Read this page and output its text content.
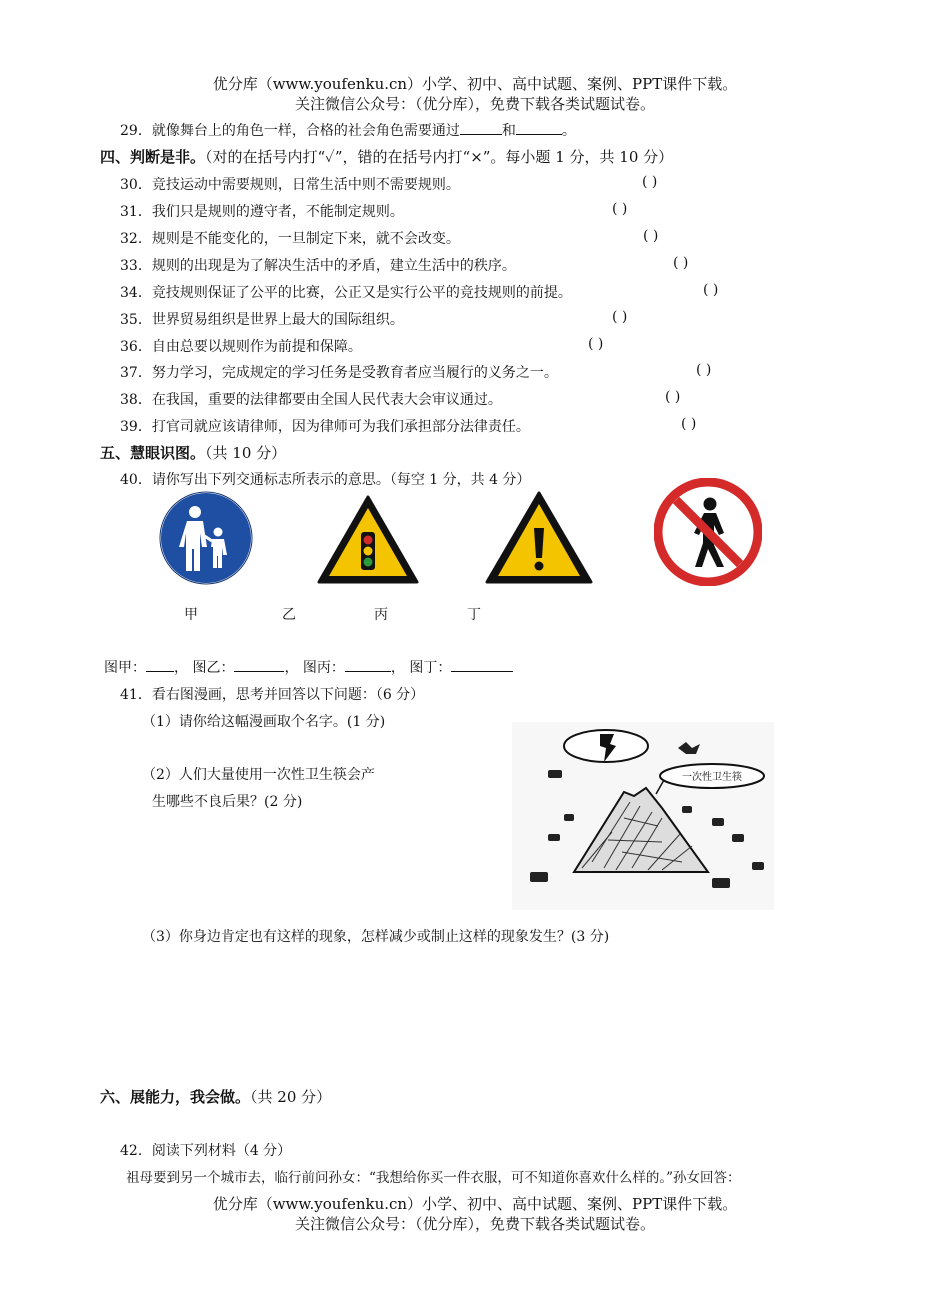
优分库（www.youfenku.cn）小学、初中、高中试题、案例、PPT课件下载。
关注微信公众号：（优分库），免费下载各类试题试卷。
29．就像舞台上的角色一样，合格的社会角色需要通过	和	。
四、判断是非。（对的在括号内打“✓”，错的在括号内打“×”。每小题 1 分，共 10 分）
30．竞技运动中需要规则，日常生活中则不需要规则。	( )
31．我们只是规则的遵守者，不能制定规则。	( )
32．规则是不能变化的，一旦制定下来，就不会改变。	( )
33．规则的出现是为了解决生活中的矛盾，建立生活中的秩序。	( )
34．竞技规则保证了公平的比赛，公正又是实行公平的竞技规则的前提。	( )
35．世界贸易组织是世界上最大的国际组织。	( )
36．自由总要以规则作为前提和保障。	( )
37．努力学习，完成规定的学习任务是受教育者应当履行的义务之一。	( )
38．在我国，重要的法律都要由全国人民代表大会审议通过。	( )
39．打官司就应该请律师，因为律师可为我们承担部分法律责任。	( )
五、慧眼识图。（共 10 分）
40．请你写出下列交通标志所表示的意思。（每空 1 分，共 4 分）
甲	乙	丙	丁
图甲： ， 图乙：	， 图丙：	， 图丁：
41．看右图漫画，思考并回答以下问题：（6 分）
（1）请你给这幅漫画取个名字。(1 分)
（2）人们大量使用一次性卫生筷会产
生哪些不良后果？(2 分)
一次性卫生筷
（3）你身边肯定也有这样的现象，怎样减少或制止这样的现象发生？(3 分)
六、展能力，我会做。（共 20 分）
42．阅读下列材料（4 分）
祖母要到另一个城市去，临行前问孙女：“我想给你买一件衣服，可不知道你喜欢什么样的。”孙女回答：
优分库（www.youfenku.cn）小学、初中、高中试题、案例、PPT课件下载。
关注微信公众号：（优分库），免费下载各类试题试卷。
